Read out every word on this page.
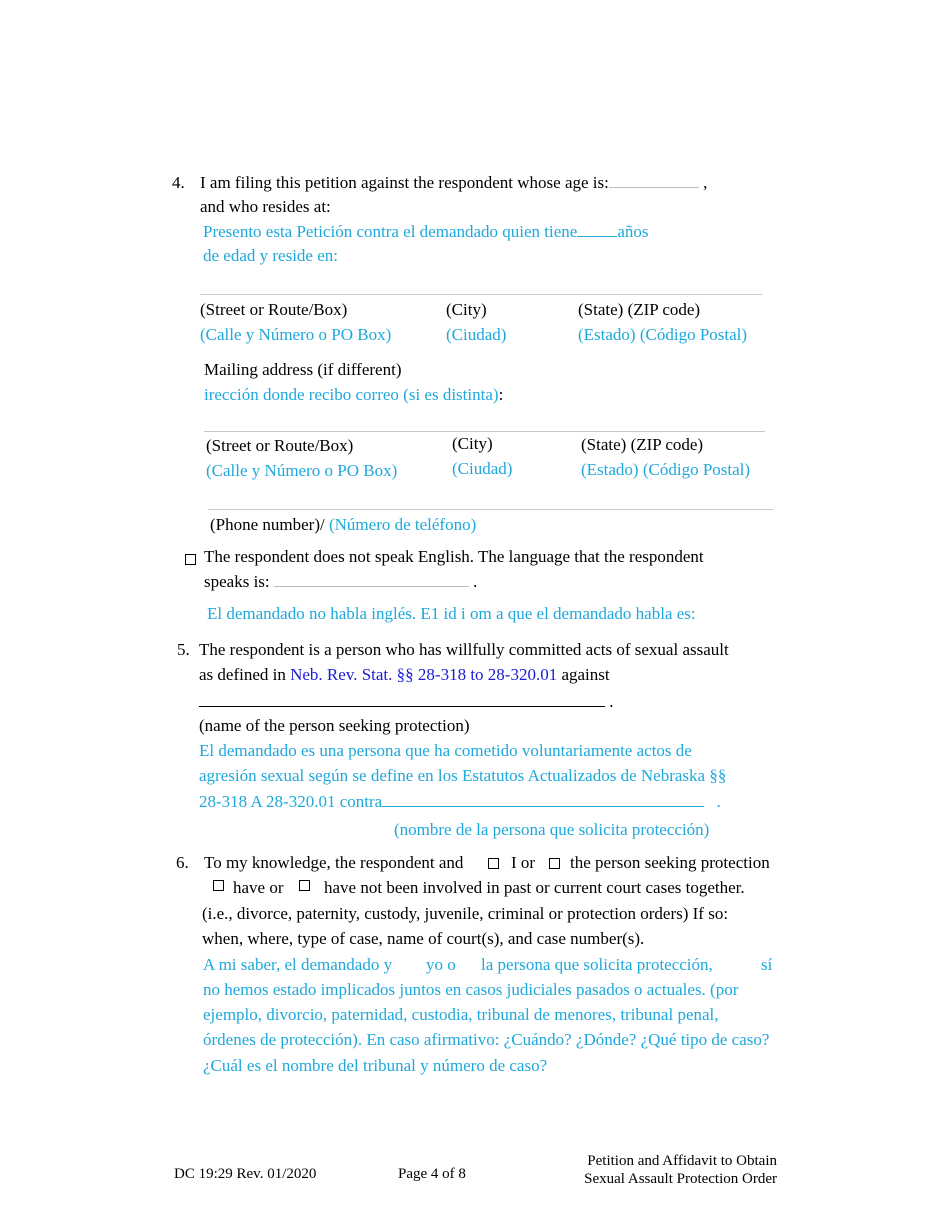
4. I am filing this petition against the respondent whose age is:	,
and who resides at:
Presento esta Petición contra el demandado quien tiene años
de edad y reside en:
(Street or Route/Box)	(City)	(State) (ZIP code)
(Calle y Número o PO Box)	(Ciudad)	(Estado) (Código Postal)
Mailing address (if different)
irección donde recibo correo (si es distinta):
(Street or Route/Box)	(City)	(State) (ZIP code)
(Calle y Número o PO Box)	(Ciudad)	(Estado) (Código Postal)
(Phone number)/ (Número de teléfono)
The respondent does not speak English. The language that the respondent
speaks is:	.
El demandado no habla inglés. E1 id i om a que el demandado habla es:
5. The respondent is a person who has willfully committed acts of sexual assault
as defined in Neb. Rev. Stat. §§ 28-318 to 28-320.01 against
.
(name of the person seeking protection)
El demandado es una persona que ha cometido voluntariamente actos de
agresión sexual según se define en los Estatutos Actualizados de Nebraska §§
28-318 A 28-320.01 contra	.
(nombre de la persona que solicita protección)
6. To my knowledge, the respondent and	I or the person seeking protection
have or have not been involved in past or current court cases together.
(i.e., divorce, paternity, custody, juvenile, criminal or protection orders) If so:
when, where, type of case, name of court(s), and case number(s).
A mi saber, el demandado y yo o la persona que solicita protección,	sí
no hemos estado implicados juntos en casos judiciales pasados o actuales. (por
ejemplo, divorcio, paternidad, custodia, tribunal de menores, tribunal penal,
órdenes de protección). En caso afirmativo: ¿Cuándo? ¿Dónde? ¿Qué tipo de caso?
¿Cuál es el nombre del tribunal y número de caso?
DC 19:29 Rev. 01/2020	Page 4 of 8
Petition and Affidavit to Obtain
Sexual Assault Protection Order
